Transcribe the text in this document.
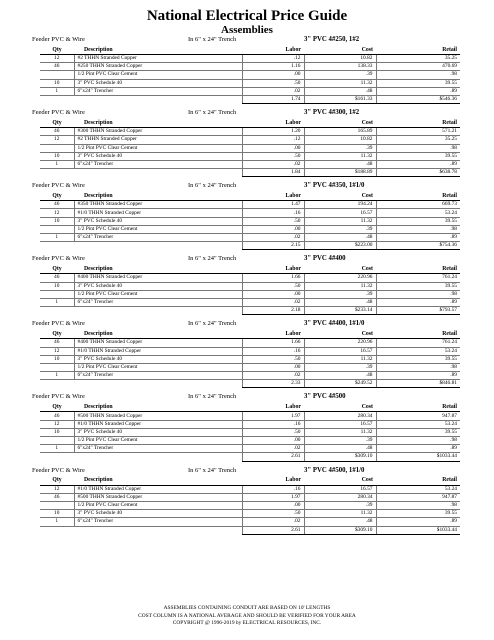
National Electrical Price Guide
Assemblies
Feeder PVC & Wire	In 6" x 24" Trench	3" PVC 4#250, 1#2
Qty	Description	Labor	Cost	Retail
12	#2 THHN Stranded Copper	.12	10.82	35.25
46	#250 THHN Stranded Copper	1.16	138.33	470.69
	1/2 Pint PVC Clear Cement	.00	.39	.98
10	3" PVC Schedule 40	.50	11.32	39.55
1	6"x24" Trencher	.02	.48	.89
		1.74	$161.33	$546.36
Feeder PVC & Wire	In 6" x 24" Trench	3" PVC 4#300, 1#2
Qty	Description	Labor	Cost	Retail
46	#300 THHN Stranded Copper	1.20	165.89	571.21
12	#2 THHN Stranded Copper	.12	10.82	35.25
	1/2 Pint PVC Clear Cement	.00	.39	.98
10	3" PVC Schedule 40	.50	11.32	39.55
1	6"x24" Trencher	.02	.48	.89
		1.84	$188.89	$638.78
Feeder PVC & Wire	In 6" x 24" Trench	3" PVC 4#350, 1#1/0
Qty	Description	Labor	Cost	Retail
46	#350 THHN Stranded Copper	1.47	194.24	669.73
12	#1/0 THHN Stranded Copper	.16	16.57	53.24
10	3" PVC Schedule 40	.50	11.32	39.55
	1/2 Pint PVC Clear Cement	.00	.39	.98
1	6"x24" Trencher	.02	.48	.89
		2.15	$223.00	$754.36
Feeder PVC & Wire	In 6" x 24" Trench	3" PVC 4#400
Qty	Description	Labor	Cost	Retail
46	#400 THHN Stranded Copper	1.66	220.96	761.24
10	3" PVC Schedule 40	.50	11.32	39.55
	1/2 Pint PVC Clear Cement	.00	.39	.98
1	6"x24" Trencher	.02	.48	.89
		2.18	$233.14	$793.57
Feeder PVC & Wire	In 6" x 24" Trench	3" PVC 4#400, 1#1/0
Qty	Description	Labor	Cost	Retail
46	#400 THHN Stranded Copper	1.66	220.96	761.24
12	#1/0 THHN Stranded Copper	.16	16.57	53.24
10	3" PVC Schedule 40	.50	11.32	39.55
	1/2 Pint PVC Clear Cement	.00	.39	.98
1	6"x24" Trencher	.02	.48	.89
		2.33	$249.52	$846.81
Feeder PVC & Wire	In 6" x 24" Trench	3" PVC 4#500
Qty	Description	Labor	Cost	Retail
46	#500 THHN Stranded Copper	1.97	280.34	947.87
12	#1/0 THHN Stranded Copper	.16	16.57	53.24
10	3" PVC Schedule 40	.50	11.32	39.55
	1/2 Pint PVC Clear Cement	.00	.39	.98
1	6"x24" Trencher	.02	.48	.89
		2.61	$309.10	$1033.44
Feeder PVC & Wire	In 6" x 24" Trench	3" PVC 4#500, 1#1/0
Qty	Description	Labor	Cost	Retail
12	#1/0 THHN Stranded Copper	.16	16.57	53.24
46	#500 THHN Stranded Copper	1.97	280.34	947.87
	1/2 Pint PVC Clear Cement	.00	.39	.98
10	3" PVC Schedule 40	.50	11.32	39.55
1	6"x24" Trencher	.02	.48	.89
		2.61	$309.10	$1033.44
ASSEMBLIES CONTAINING CONDUIT ARE BASED ON 10' LENGTHS
COST COLUMN IS A NATIONAL AVERAGE AND SHOULD BE VERIFIED FOR YOUR AREA
COPYRIGHT @ 1996-2019 by ELECTRICAL RESOURCES, INC.
